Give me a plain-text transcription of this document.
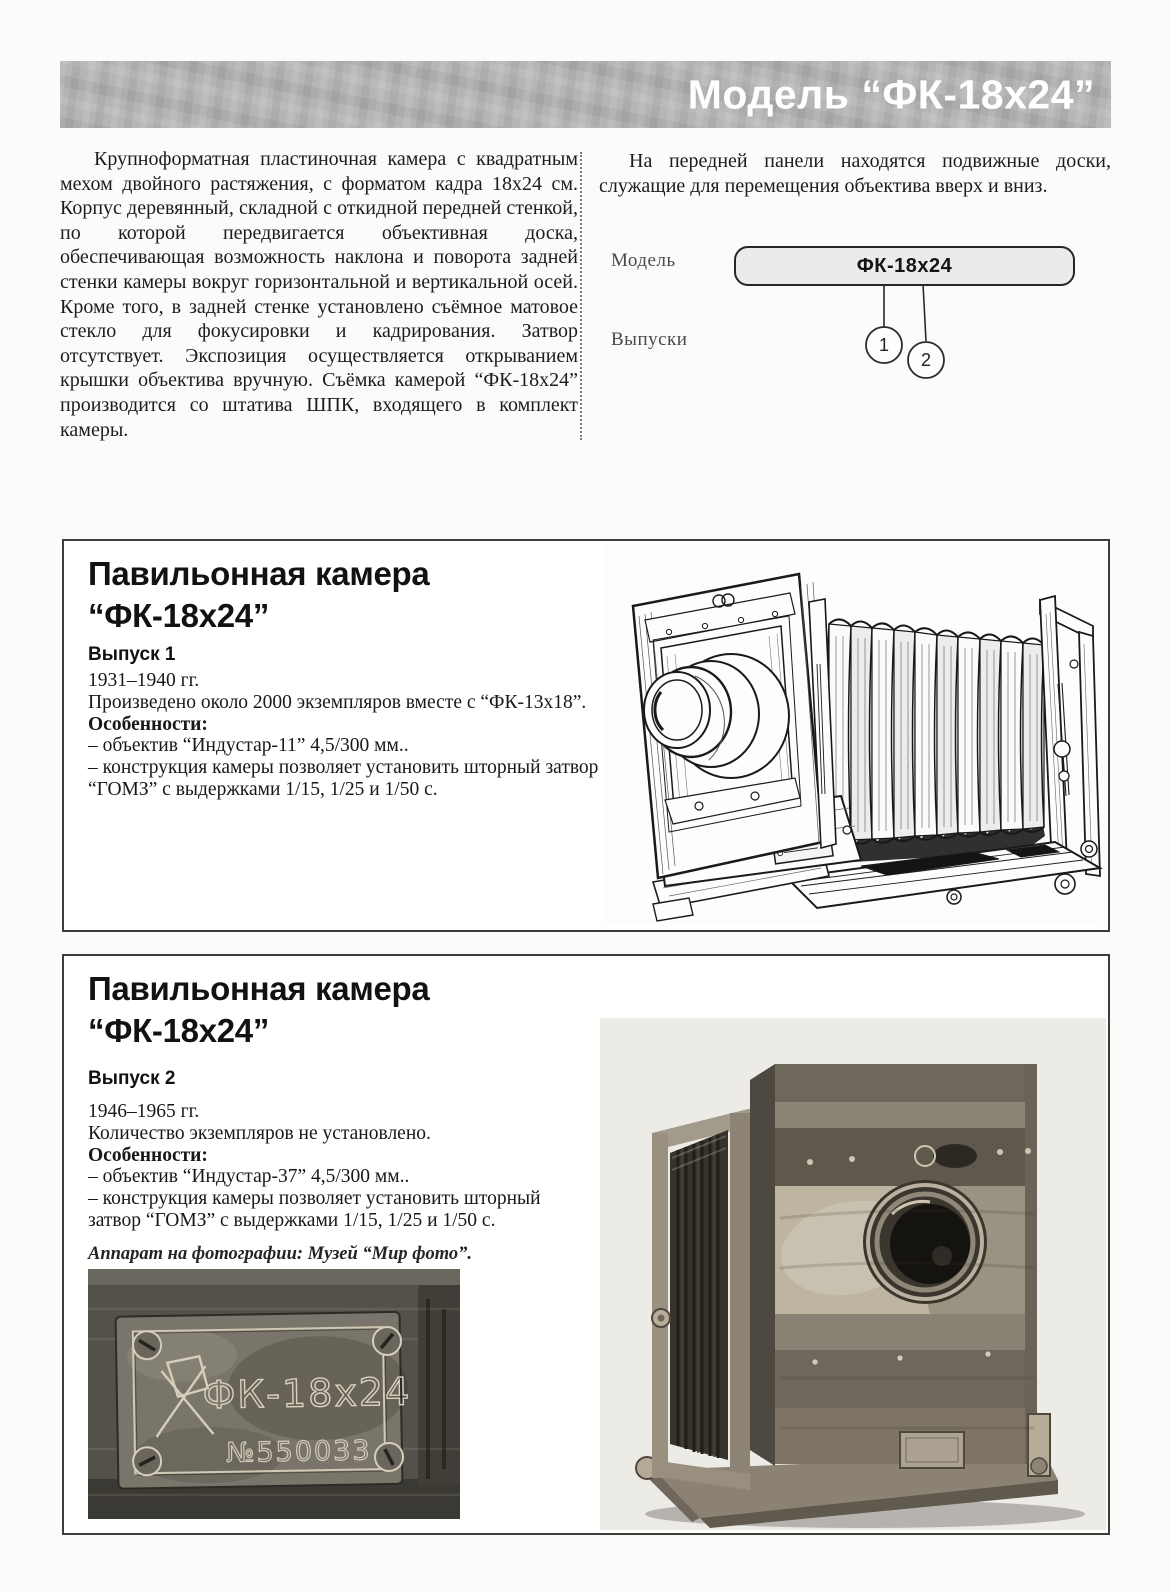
Модель “ФК-18х24”

Крупноформатная пластиночная камера с квадратным мехом двойного растяжения, с форматом кадра 18х24 см. Корпус деревянный, складной с откидной передней стенкой, по которой передвигается объективная доска, обеспечивающая возможность наклона и поворота задней стенки камеры вокруг горизонтальной и вертикальной осей. Кроме того, в задней стенке установлено съёмное матовое стекло для фокусировки и кадрирования. Затвор отсутствует. Экспозиция осуществляется открыванием крышки объектива вручную. Съёмка камерой “ФК-18х24” производится со штатива ШПК, входящего в комплект камеры.

На передней панели находятся подвижные доски, служащие для перемещения объектива вверх и вниз.

Модель	ФК-18х24
Выпуски	1
2
Павильонная камера
“ФК-18х24”
Выпуск 1
1931–1940 гг.
Произведено около 2000 экземпляров вместе с “ФК-13х18”.
Особенности:
– объектив “Индустар-11” 4,5/300 мм..
– конструкция камеры позволяет установить шторный затвор “ГОМЗ” с выдержками 1/15, 1/25 и 1/50 с.
Павильонная камера
“ФК-18х24”
Выпуск 2
1946–1965 гг.
Количество экземпляров не установлено.
Особенности:
– объектив “Индустар-37” 4,5/300 мм..
– конструкция камеры позволяет установить шторный затвор “ГОМЗ” с выдержками 1/15, 1/25 и 1/50 с.
Аппарат на фотографии: Музей “Мир фото”.
ФК-18х24
№550033
